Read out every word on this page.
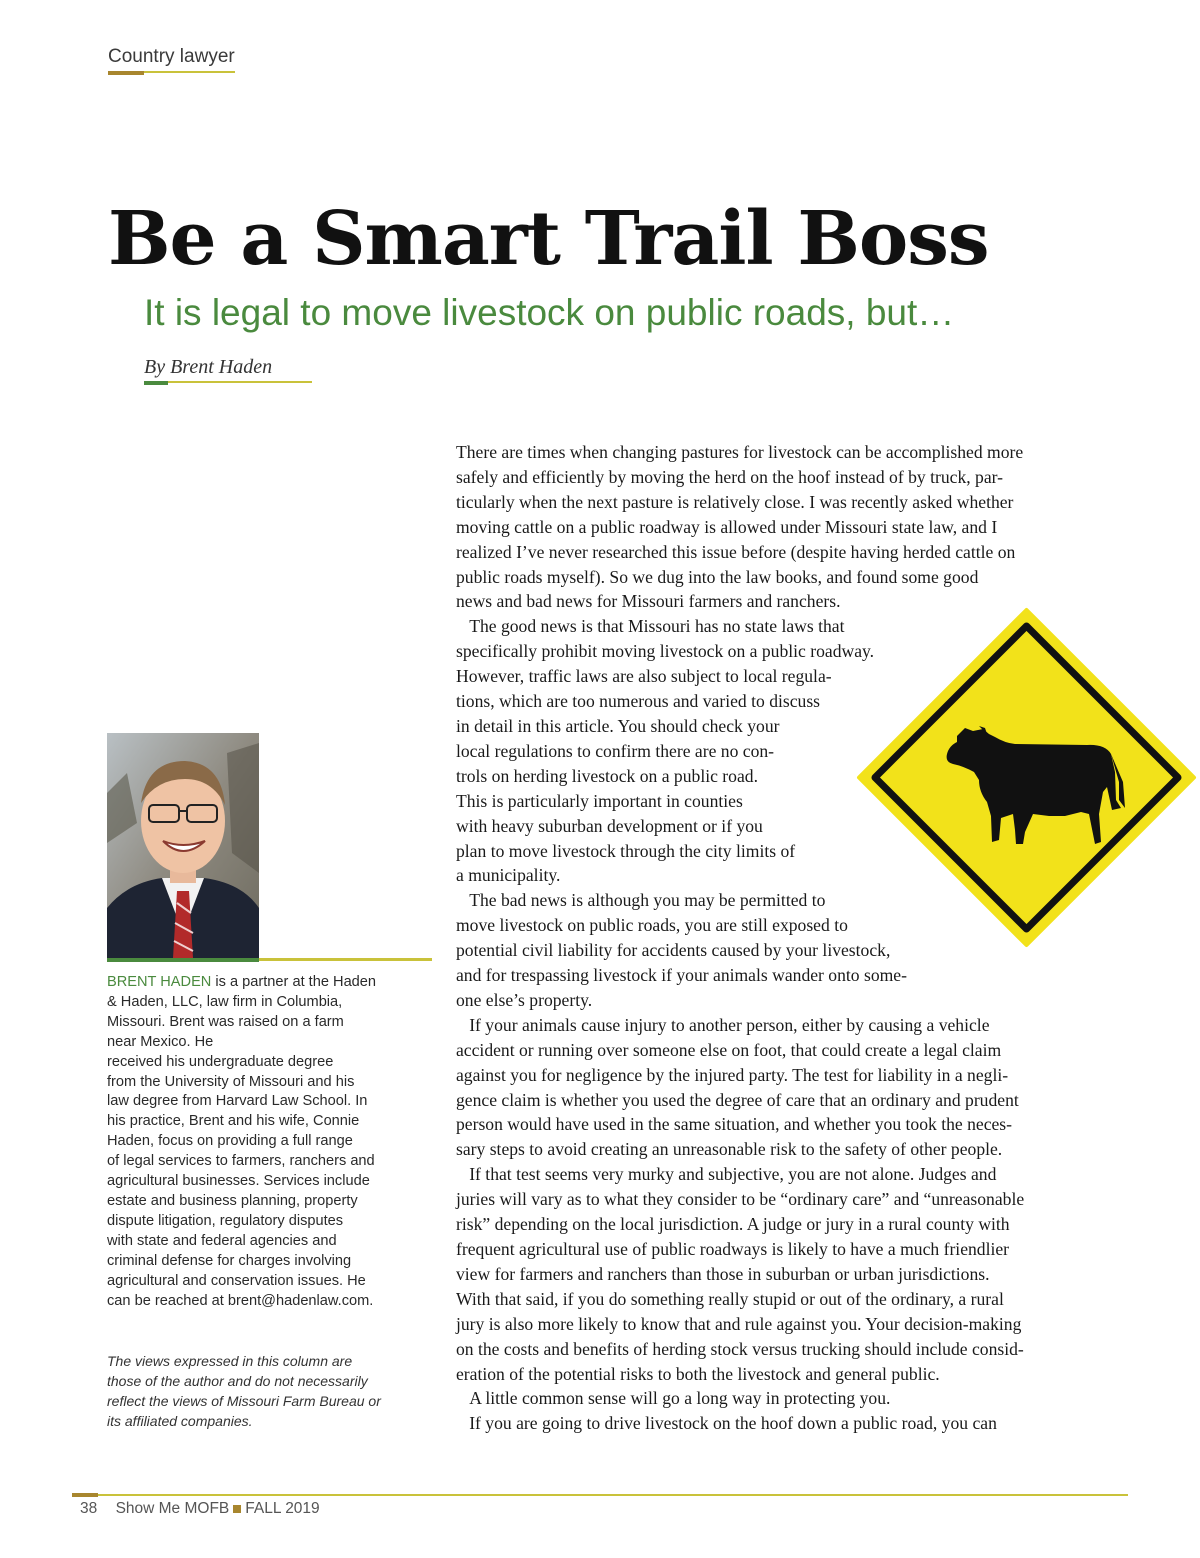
Country lawyer
Be a Smart Trail Boss
It is legal to move livestock on public roads, but…
By Brent Haden
BRENT HADEN is a partner at the Haden
& Haden, LLC, law firm in Columbia,
Missouri. Brent was raised on a farm
near Mexico. He
received his undergraduate degree
from the University of Missouri and his
law degree from Harvard Law School. In
his practice, Brent and his wife, Connie
Haden, focus on providing a full range
of legal services to farmers, ranchers and
agricultural businesses. Services include
estate and business planning, property
dispute litigation, regulatory disputes
with state and federal agencies and
criminal defense for charges involving
agricultural and conservation issues. He
can be reached at brent@hadenlaw.com.
The views expressed in this column are
those of the author and do not necessarily
reflect the views of Missouri Farm Bureau or
its affiliated companies.
There are times when changing pastures for livestock can be accomplished more
safely and efficiently by moving the herd on the hoof instead of by truck, par-
ticularly when the next pasture is relatively close. I was recently asked whether
moving cattle on a public roadway is allowed under Missouri state law, and I
realized I’ve never researched this issue before (despite having herded cattle on
public roads myself). So we dug into the law books, and found some good
news and bad news for Missouri farmers and ranchers.
The good news is that Missouri has no state laws that
specifically prohibit moving livestock on a public roadway.
However, traffic laws are also subject to local regula-
tions, which are too numerous and varied to discuss
in detail in this article. You should check your
local regulations to confirm there are no con-
trols on herding livestock on a public road.
This is particularly important in counties
with heavy suburban development or if you
plan to move livestock through the city limits of
a municipality.
The bad news is although you may be permitted to
move livestock on public roads, you are still exposed to
potential civil liability for accidents caused by your livestock,
and for trespassing livestock if your animals wander onto some-
one else’s property.
If your animals cause injury to another person, either by causing a vehicle
accident or running over someone else on foot, that could create a legal claim
against you for negligence by the injured party. The test for liability in a negli-
gence claim is whether you used the degree of care that an ordinary and prudent
person would have used in the same situation, and whether you took the neces-
sary steps to avoid creating an unreasonable risk to the safety of other people.
If that test seems very murky and subjective, you are not alone. Judges and
juries will vary as to what they consider to be “ordinary care” and “unreasonable
risk” depending on the local jurisdiction. A judge or jury in a rural county with
frequent agricultural use of public roadways is likely to have a much friendlier
view for farmers and ranchers than those in suburban or urban jurisdictions.
With that said, if you do something really stupid or out of the ordinary, a rural
jury is also more likely to know that and rule against you. Your decision-making
on the costs and benefits of herding stock versus trucking should include consid-
eration of the potential risks to both the livestock and general public.
A little common sense will go a long way in protecting you.
If you are going to drive livestock on the hoof down a public road, you can
38 Show Me MOFB FALL 2019
